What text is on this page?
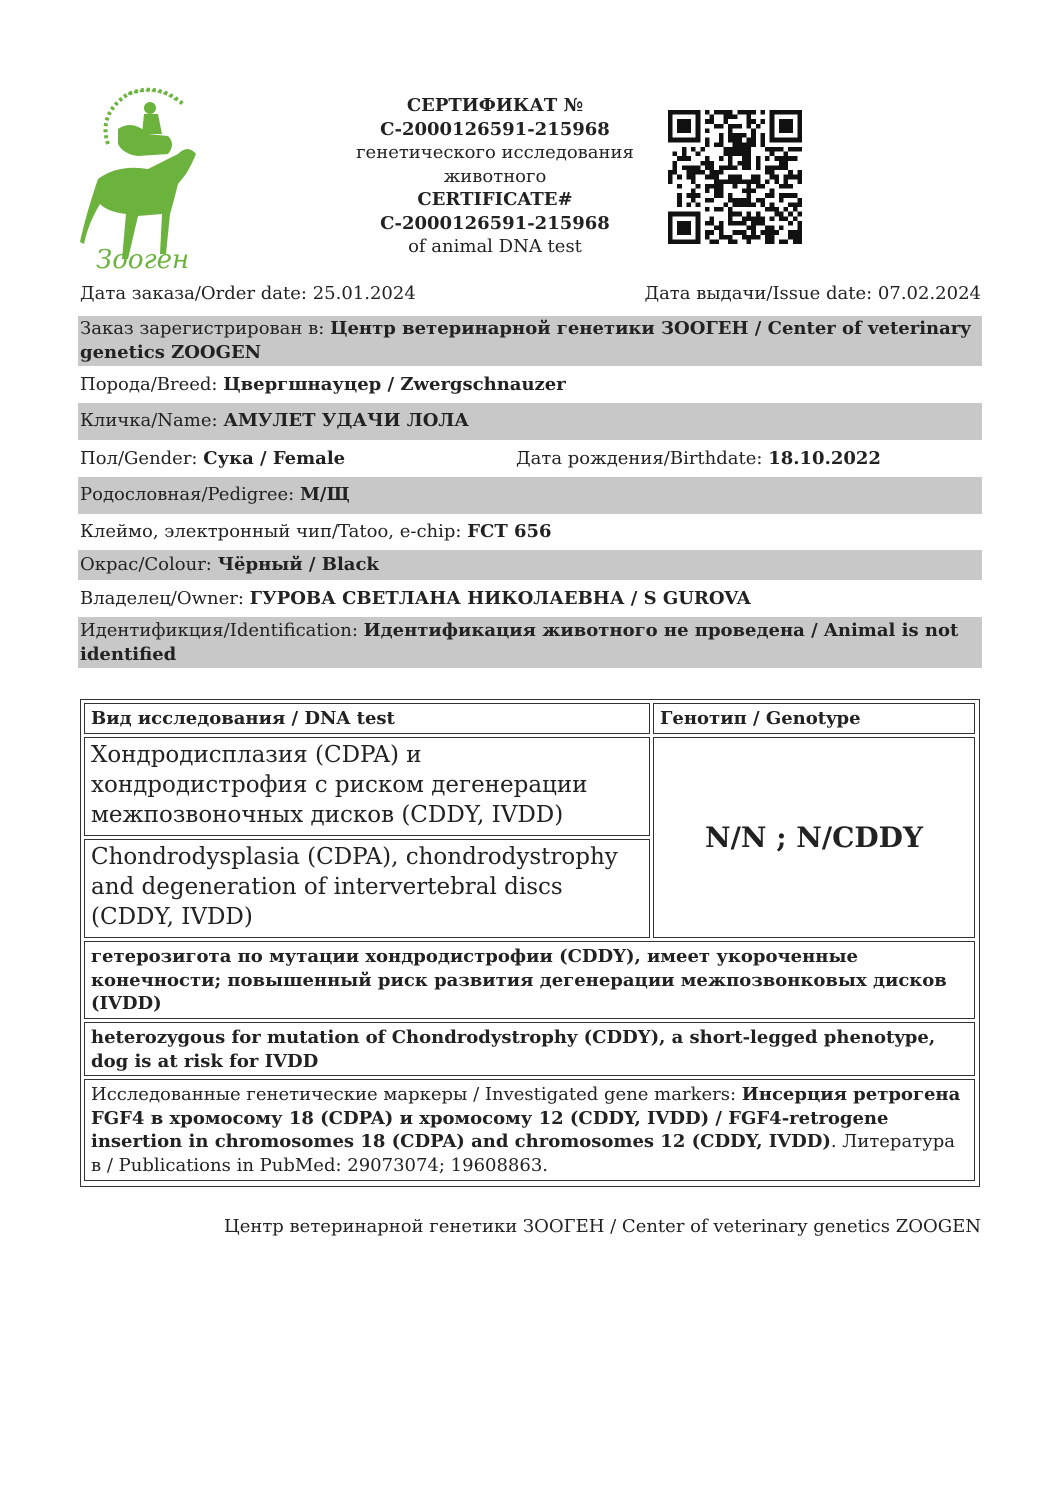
Зооген
СЕРТИФИКАТ №
С-2000126591-215968
генетического исследования
животного
CERTIFICATE#
С-2000126591-215968
of animal DNA test
Дата заказа/Order date: 25.01.2024	Дата выдачи/Issue date: 07.02.2024
Заказ зарегистрирован в: Центр ветеринарной генетики ЗООГЕН / Center of veterinary genetics ZOOGEN
Порода/Breed: Цвергшнауцер / Zwergschnauzer
Кличка/Name: АМУЛЕТ УДАЧИ ЛОЛА
Пол/Gender: Сука / Female	Дата рождения/Birthdate: 18.10.2022
Родословная/Pedigree: М/Щ
Клеймо, электронный чип/Tatoo, e-chip: FCT 656
Окрас/Colour: Чёрный / Black
Владелец/Owner: ГУРОВА СВЕТЛАНА НИКОЛАЕВНА / S GUROVA
Идентификция/Identification: Идентификация животного не проведена / Animal is not identified
Вид исследования / DNA test	Генотип / Genotype
Хондродисплазия (CDPA) и хондродистрофия с риском дегенерации межпозвоночных дисков (CDDY, IVDD)
Chondrodysplasia (CDPA), chondrodystrophy and degeneration of intervertebral discs (CDDY, IVDD)
N/N ; N/CDDY
гетерозигота по мутации хондродистрофии (CDDY), имеет укороченные конечности; повышенный риск развития дегенерации межпозвонковых дисков (IVDD)
heterozygous for mutation of Chondrodystrophy (CDDY), a short-legged phenotype, dog is at risk for IVDD
Исследованные генетические маркеры / Investigated gene markers: Инсерция ретрогена FGF4 в хромосому 18 (CDPA) и хромосому 12 (CDDY, IVDD) / FGF4-retrogene insertion in chromosomes 18 (CDPA) and chromosomes 12 (CDDY, IVDD). Литература в / Publications in PubMed: 29073074; 19608863.
Центр ветеринарной генетики ЗООГЕН / Center of veterinary genetics ZOOGEN
